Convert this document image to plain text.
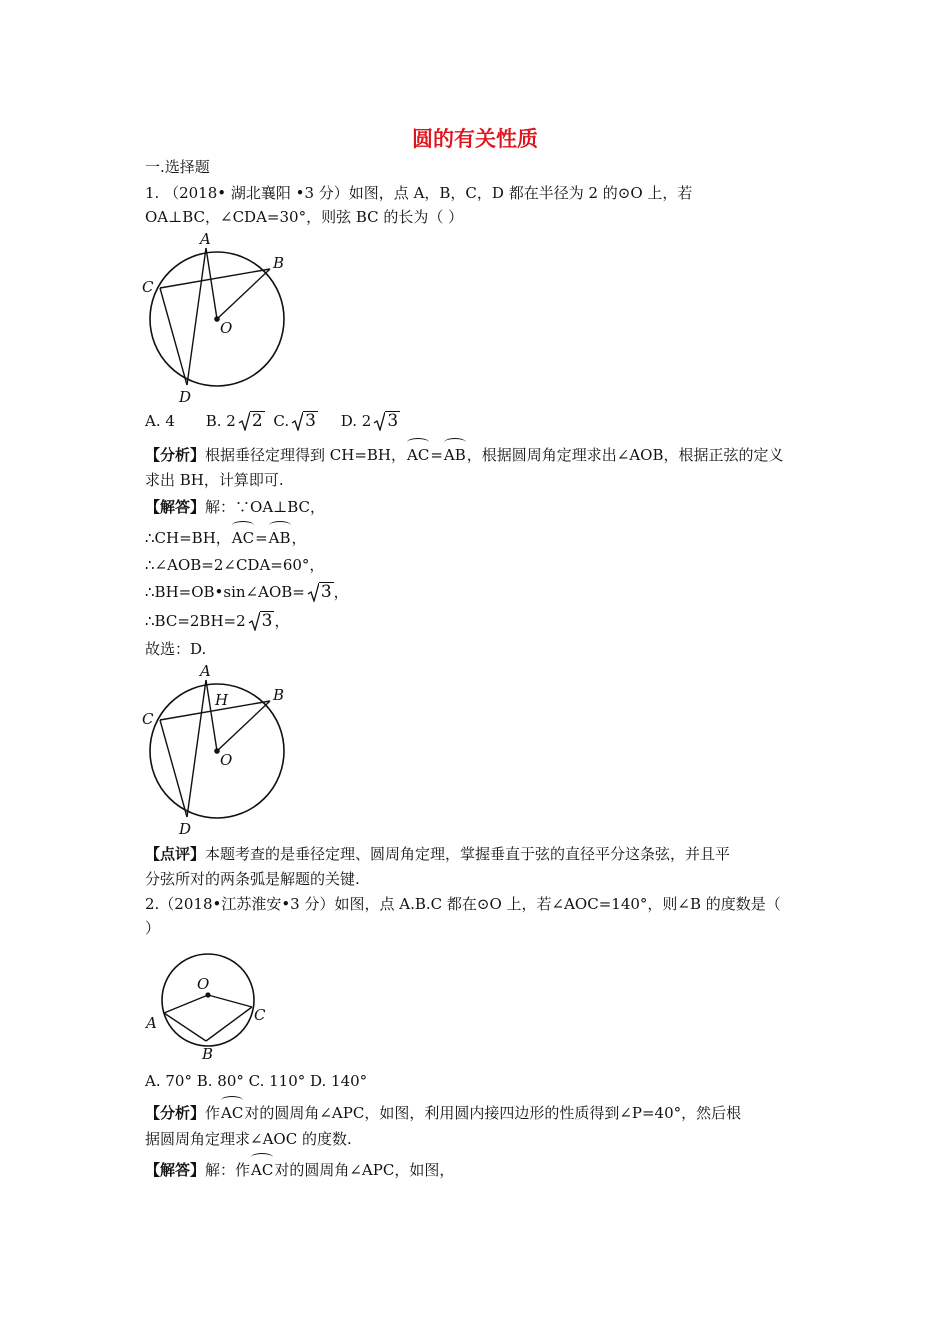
圆的有关性质
一.选择题
1. （2018• 湖北襄阳 •3 分）如图，点 A，B，C，D 都在半径为 2 的⊙O 上，若
OA⊥BC，∠CDA=30°，则弦 BC 的长为（ ）
A
B
C
O
D
A. 4 B. 2 2 C. 3 D. 2 3
【分析】根据垂径定理得到 CH=BH，AC=AB，根据圆周角定理求出∠AOB，根据正弦的定义
求出 BH，计算即可.
【解答】解：∵OA⊥BC，
∴CH=BH，AC=AB，
∴∠AOB=2∠CDA=60°，
∴BH=OB•sin∠AOB= 3 ，
∴BC=2BH=2 3 ，
故选：D.
A
H	B
C
O
D
【点评】本题考查的是垂径定理、圆周角定理，掌握垂直于弦的直径平分这条弦，并且平
分弦所对的两条弧是解题的关键.
2.（2018•江苏淮安•3 分）如图，点 A.B.C 都在⊙O 上，若∠AOC=140°，则∠B 的度数是（
）
O
A	C
B
A. 70° B. 80° C. 110° D. 140°
【分析】作AC对的圆周角∠APC，如图，利用圆内接四边形的性质得到∠P=40°，然后根
据圆周角定理求∠AOC 的度数.
【解答】解：作AC对的圆周角∠APC，如图，
